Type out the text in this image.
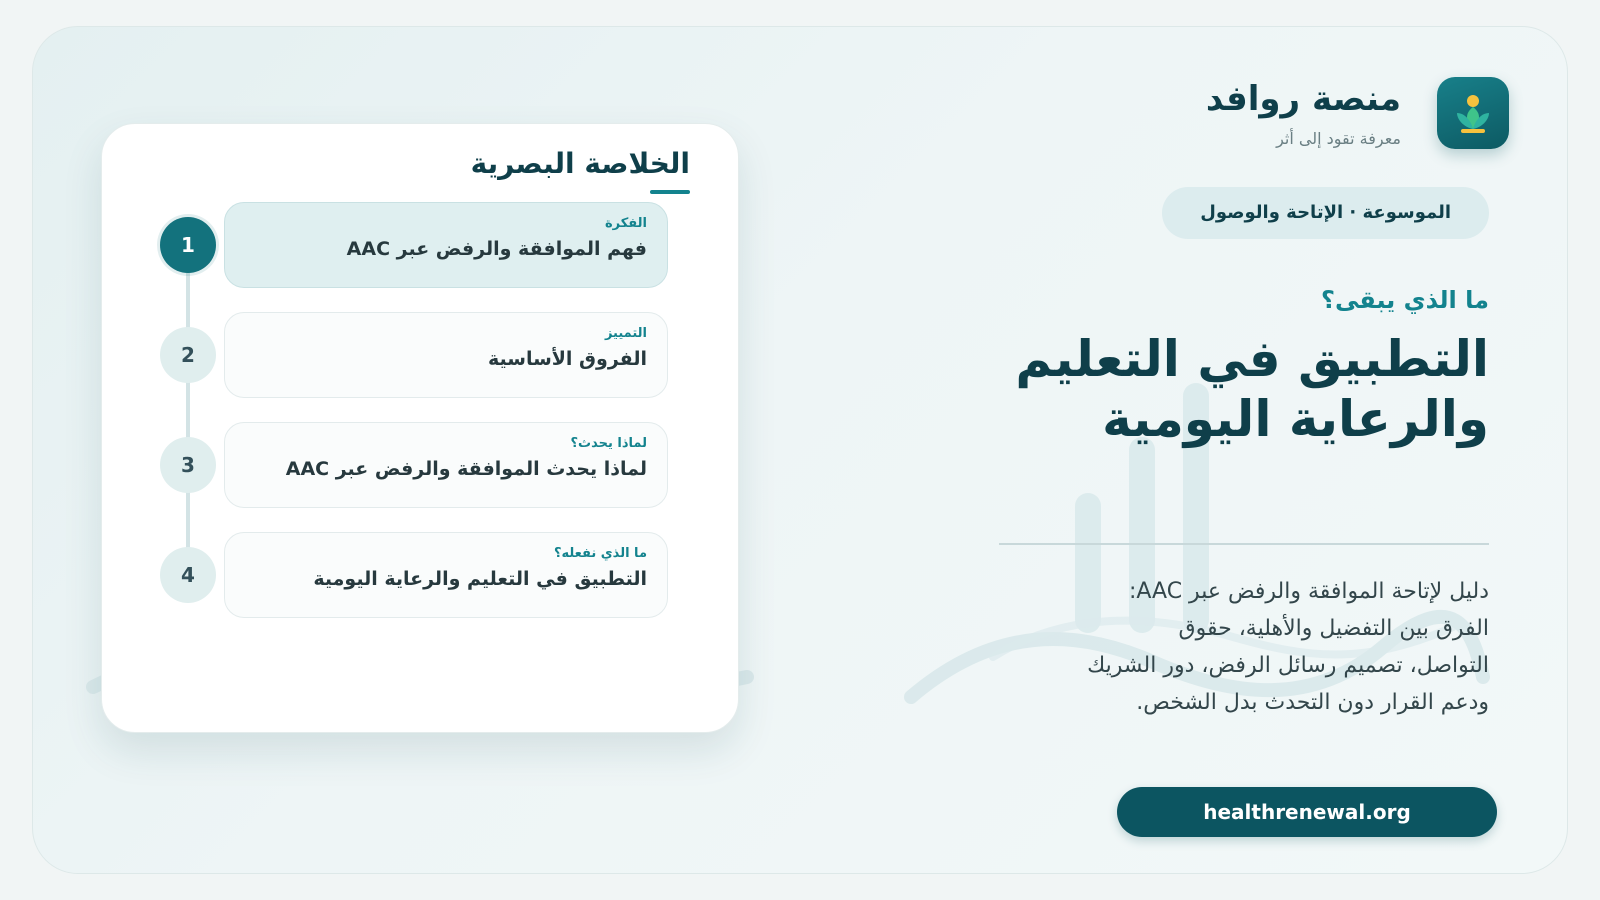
منصة روافد
معرفة تقود إلى أثر
الموسوعة · الإتاحة والوصول
ما الذي يبقى؟
التطبيق في التعليم
والرعاية اليومية
دليل لإتاحة الموافقة والرفض عبر AAC:
الفرق بين التفضيل والأهلية، حقوق
التواصل، تصميم رسائل الرفض، دور الشريك
ودعم القرار دون التحدث بدل الشخص.
healthrenewal.org
الخلاصة البصرية
1
الفكرة
فهم الموافقة والرفض عبر AAC
2
التمييز
الفروق الأساسية
3
لماذا يحدث؟
لماذا يحدث الموافقة والرفض عبر AAC
4
ما الذي نفعله؟
التطبيق في التعليم والرعاية اليومية
